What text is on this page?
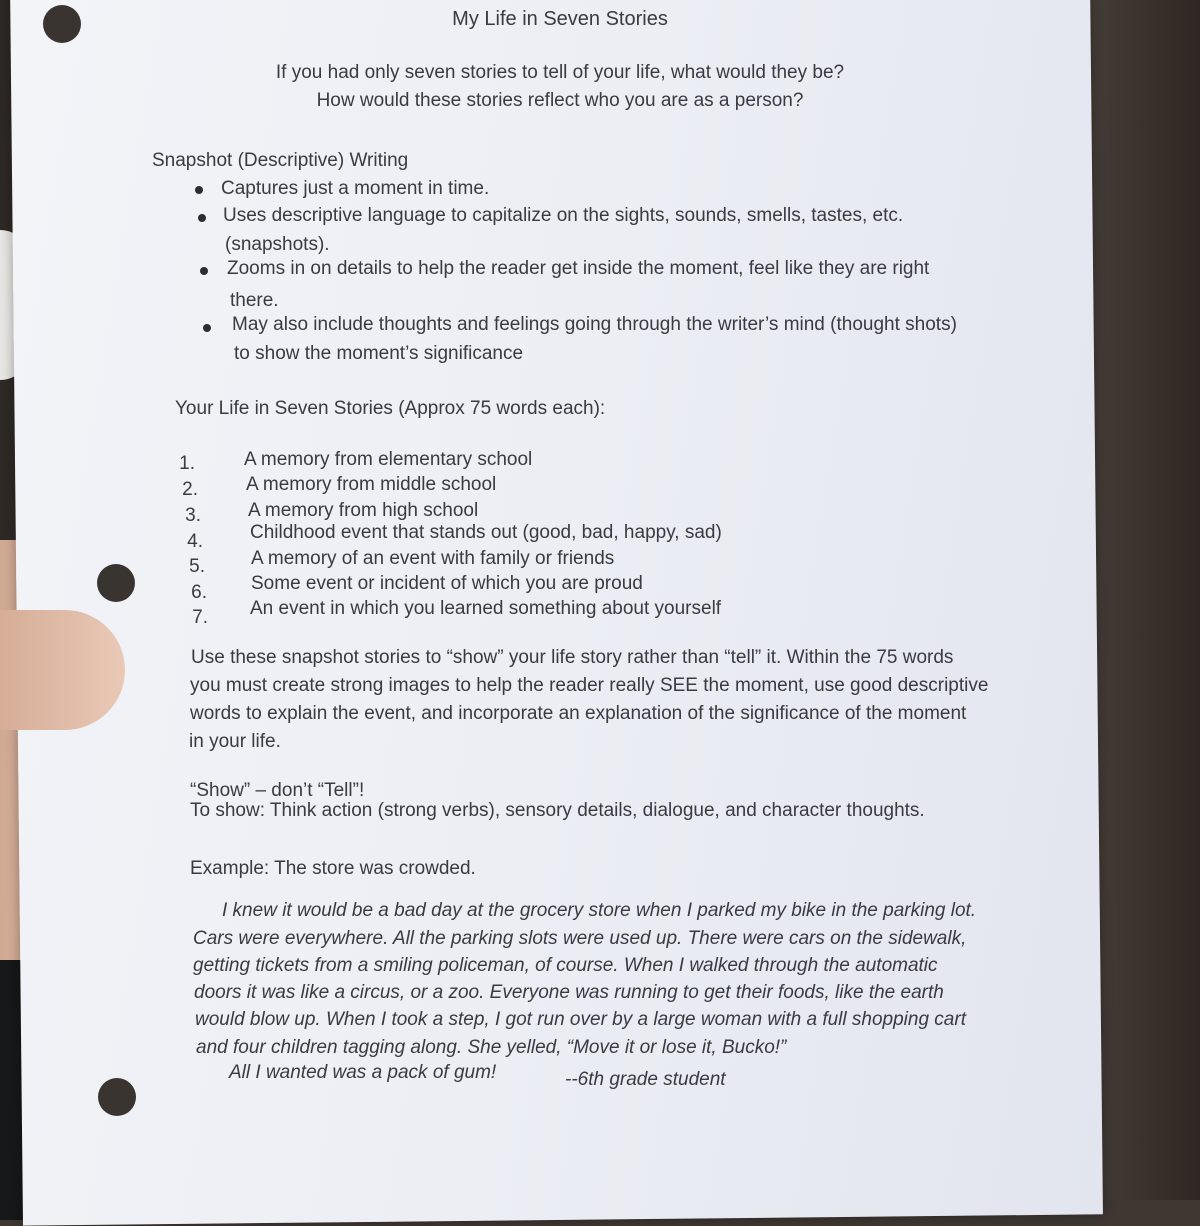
My Life in Seven Stories
If you had only seven stories to tell of your life, what would they be?
How would these stories reflect who you are as a person?
Snapshot (Descriptive) Writing
Captures just a moment in time.
Uses descriptive language to capitalize on the sights, sounds, smells, tastes, etc.
(snapshots).
Zooms in on details to help the reader get inside the moment, feel like they are right
there.
May also include thoughts and feelings going through the writer’s mind (thought shots)
to show the moment’s significance
Your Life in Seven Stories (Approx 75 words each):
1.	A memory from elementary school
2.	A memory from middle school
3. A memory from high school
4. Childhood event that stands out (good, bad, happy, sad)
5. A memory of an event with family or friends
6. Some event or incident of which you are proud
7. An event in which you learned something about yourself
Use these snapshot stories to “show” your life story rather than “tell” it. Within the 75 words
you must create strong images to help the reader really SEE the moment, use good descriptive
words to explain the event, and incorporate an explanation of the significance of the moment
in your life.
“Show” – don’t “Tell”!
To show: Think action (strong verbs), sensory details, dialogue, and character thoughts.
Example: The store was crowded.
I knew it would be a bad day at the grocery store when I parked my bike in the parking lot.
Cars were everywhere. All the parking slots were used up. There were cars on the sidewalk,
getting tickets from a smiling policeman, of course. When I walked through the automatic
doors it was like a circus, or a zoo. Everyone was running to get their foods, like the earth
would blow up. When I took a step, I got run over by a large woman with a full shopping cart
and four children tagging along. She yelled, “Move it or lose it, Bucko!”
All I wanted was a pack of gum!	--6th grade student
